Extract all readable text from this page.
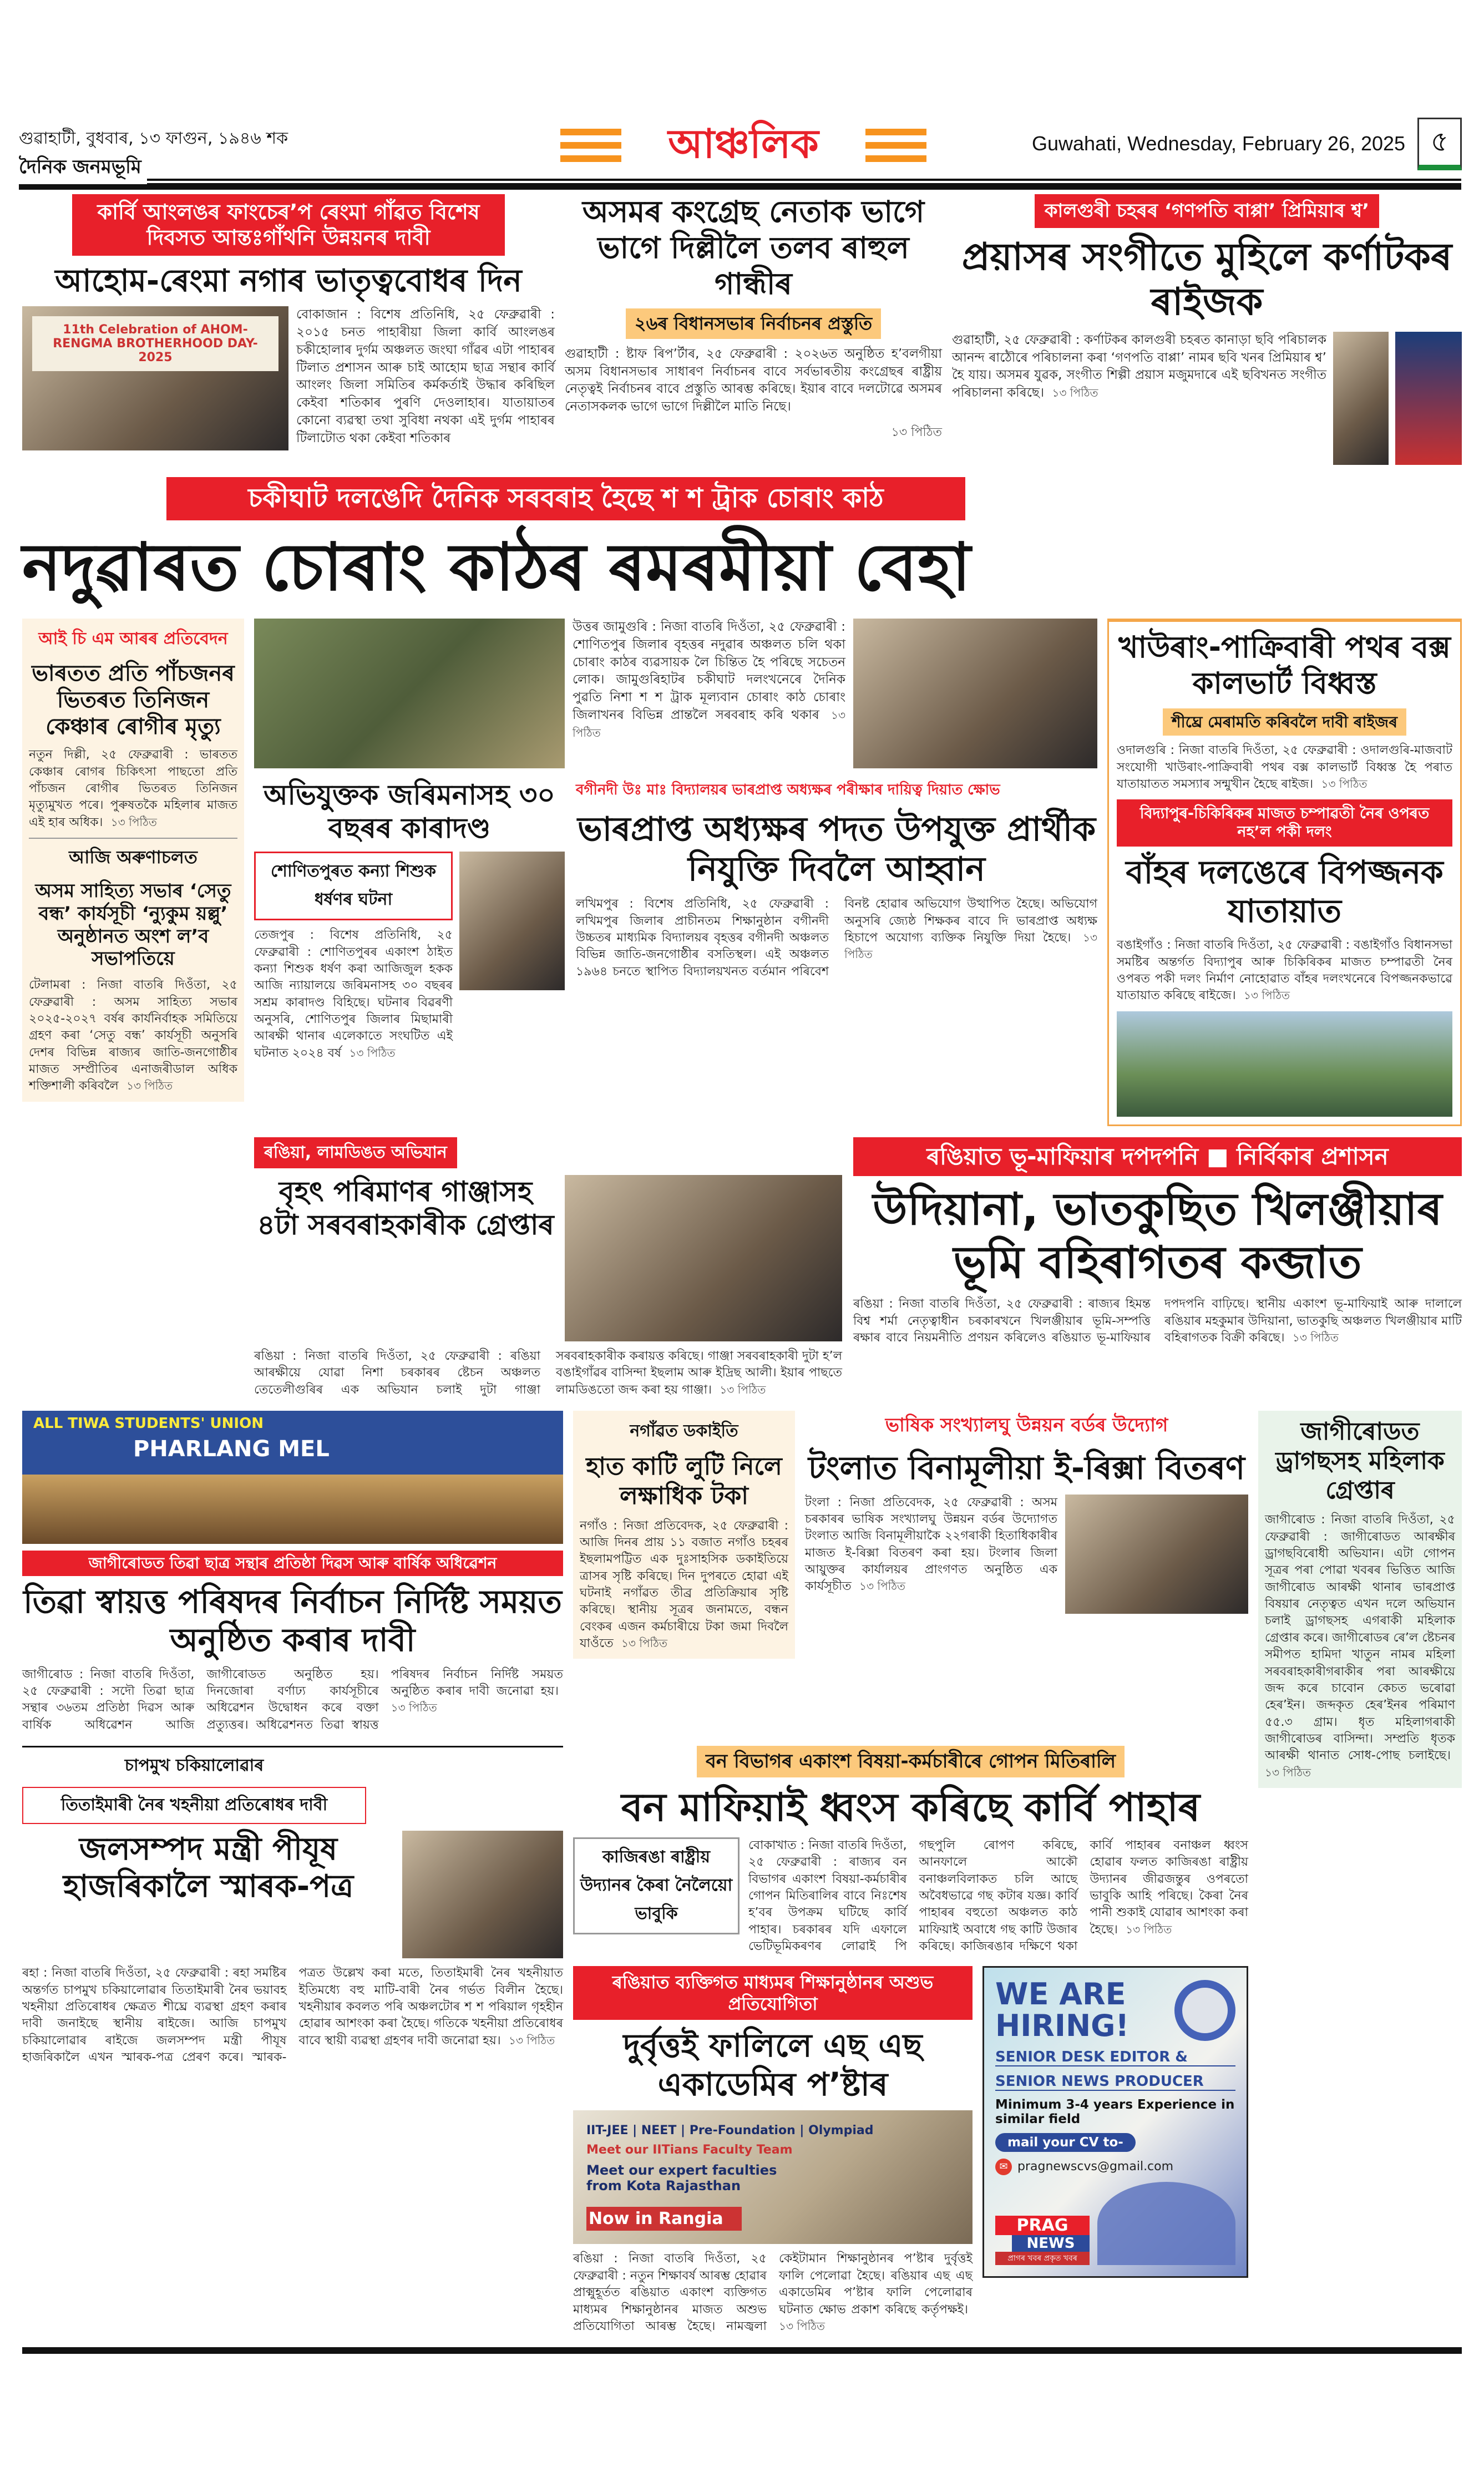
গুৱাহাটী, বুধবাৰ, ১৩ ফাগুন, ১৯৪৬ শক
দৈনিক জনমভূমি	আঞ্চলিক	Guwahati, Wednesday, February 26, 2025 ৫
কাৰ্বি আংলঙৰ ফাংচেৰʼপ ৰেংমা গাঁৱত বিশেষ দিবসত আন্তঃগাঁথনি উন্নয়নৰ দাবী
আহোম-ৰেংমা নগাৰ ভাতৃত্ববোধৰ দিন
11th Celebration of AHOM-RENGMA BROTHERHOOD DAY-2025
বোকাজান : বিশেষ প্ৰতিনিধি, ২৫ ফেব্ৰুৱাৰী : ২০১৫ চনত পাহাৰীয়া জিলা কাৰ্বি আংলঙৰ চকীহোলাৰ দুৰ্গম অঞ্চলত জংঘা গাঁৱৰ এটা পাহাৰৰ টিলাত প্ৰশাসন আৰু চাই আহোম ছাত্ৰ সন্থাৰ কাৰ্বি আংলং জিলা সমিতিৰ কৰ্মকৰ্তাই উদ্ধাৰ কৰিছিল কেইবা শতিকাৰ পুৰণি দেওলাহাৰ। যাতায়াতৰ কোনো ব্যৱস্থা তথা সুবিধা নথকা এই দুৰ্গম পাহাৰৰ টিলাটোত থকা কেইবা শতিকাৰ
অসমৰ কংগ্ৰেছ নেতাক ভাগে ভাগে দিল্লীলৈ তলব ৰাহুল গান্ধীৰ
২৬ৰ বিধানসভাৰ নিৰ্বাচনৰ প্ৰস্তুতি
গুৱাহাটী : ষ্টাফ ৰিপʼৰ্টাৰ, ২৫ ফেব্ৰুৱাৰী : ২০২৬ত অনুষ্ঠিত হʼবলগীয়া অসম বিধানসভাৰ সাধাৰণ নিৰ্বাচনৰ বাবে সৰ্বভাৰতীয় কংগ্ৰেছৰ ৰাষ্ট্ৰীয় নেতৃত্বই নিৰ্বাচনৰ বাবে প্ৰস্তুতি আৰম্ভ কৰিছে। ইয়াৰ বাবে দলটোৱে অসমৰ নেতাসকলক ভাগে ভাগে দিল্লীলৈ মাতি নিছে।
১৩ পিঠিত
কালগুৰী চহৰৰ ‘গণপতি বাপ্পা’ প্ৰিমিয়াৰ শ্ব’
প্ৰয়াসৰ সংগীতে মুহিলে কৰ্ণাটকৰ ৰাইজক
গুৱাহাটী, ২৫ ফেব্ৰুৱাৰী : কৰ্ণাটকৰ কালগুৰী চহৰত কানাড়া ছবি পৰিচালক আনন্দ ৰাঠৌৰে পৰিচালনা কৰা ‘গণপতি বাপ্পা’ নামৰ ছবি খনৰ প্ৰিমিয়াৰ শ্ব’ হৈ যায়। অসমৰ যুৱক, সংগীত শিল্পী প্ৰয়াস মজুমদাৰে এই ছবিখনত সংগীত পৰিচালনা কৰিছে। ১৩ পিঠিত
চকীঘাট দলঙেদি দৈনিক সৰবৰাহ হৈছে শ শ ট্ৰাক চোৰাং কাঠ
নদুৱাৰত চোৰাং কাঠৰ ৰমৰমীয়া বেহা
আই চি এম আৰৰ প্ৰতিবেদন
ভাৰতত প্ৰতি পাঁচজনৰ ভিতৰত তিনিজন কেঞ্চাৰ ৰোগীৰ মৃত্যু
নতুন দিল্লী, ২৫ ফেব্ৰুৱাৰী : ভাৰতত কেঞ্চাৰ ৰোগৰ চিকিৎসা পাছতো প্ৰতি পাঁচজন ৰোগীৰ ভিতৰত তিনিজন মৃত্যুমুখত পৰে। পুৰুষতকৈ মহিলাৰ মাজত এই হাৰ অধিক। ১৩ পিঠিত
আজি অৰুণাচলত
অসম সাহিত্য সভাৰ ‘সেতু বন্ধ’ কাৰ্যসূচী ‘ন্যুকুম য়ল্লু’ অনুষ্ঠানত অংশ ল’ব সভাপতিয়ে
টেলামৰা : নিজা বাতৰি দিওঁতা, ২৫ ফেব্ৰুৱাৰী : অসম সাহিত্য সভাৰ ২০২৫-২০২৭ বৰ্ষৰ কাৰ্যনিৰ্বাহক সমিতিয়ে গ্ৰহণ কৰা ‘সেতু বন্ধ’ কাৰ্যসূচী অনুসৰি দেশৰ বিভিন্ন ৰাজ্যৰ জাতি-জনগোষ্ঠীৰ মাজত সম্প্ৰীতিৰ এনাজৰীডাল অধিক শক্তিশালী কৰিবলৈ ১৩ পিঠিত
উত্তৰ জামুগুৰি : নিজা বাতৰি দিওঁতা, ২৫ ফেব্ৰুৱাৰী : শোণিতপুৰ জিলাৰ বৃহত্তৰ নদুৱাৰ অঞ্চলত চলি থকা চোৰাং কাঠৰ ব্যৱসায়ক লৈ চিন্তিত হৈ পৰিছে সচেতন লোক। জামুগুৰিহাটৰ চকীঘাট দলংখনেৰে দৈনিক পুৱতি নিশা শ শ ট্ৰাক মূল্যবান চোৰাং কাঠ চোৰাং জিলাখনৰ বিভিন্ন প্ৰান্তলৈ সৰবৰাহ কৰি থকাৰ ১৩ পিঠিত
অভিযুক্তক জৰিমনাসহ ৩০ বছৰৰ কাৰাদণ্ড
শোণিতপুৰত কন্যা শিশুক ধৰ্ষণৰ ঘটনা
তেজপুৰ : বিশেষ প্ৰতিনিধি, ২৫ ফেব্ৰুৱাৰী : শোণিতপুৰৰ একাংশ ঠাইত কন্যা শিশুক ধৰ্ষণ কৰা আজিজুল হকক আজি ন্যায়ালয়ে জৰিমনাসহ ৩০ বছৰৰ সশ্ৰম কাৰাদণ্ড বিহিছে। ঘটনাৰ বিৱৰণী অনুসৰি, শোণিতপুৰ জিলাৰ মিছামাৰী আৰক্ষী থানাৰ এলেকাতে সংঘটিত এই ঘটনাত ২০২৪ বৰ্ষ ১৩ পিঠিত
বগীনদী উঃ মাঃ বিদ্যালয়ৰ ভাৰপ্ৰাপ্ত অধ্যক্ষৰ পৰীক্ষাৰ দায়িত্ব দিয়াত ক্ষোভ
ভাৰপ্ৰাপ্ত অধ্যক্ষৰ পদত উপযুক্ত প্ৰাৰ্থীক নিযুক্তি দিবলৈ আহ্বান
লখিমপুৰ : বিশেষ প্ৰতিনিধি, ২৫ ফেব্ৰুৱাৰী : লখিমপুৰ জিলাৰ প্ৰাচীনতম শিক্ষানুষ্ঠান বগীনদী উচ্চতৰ মাধ্যমিক বিদ্যালয়ৰ বৃহত্তৰ বগীনদী অঞ্চলত বিভিন্ন জাতি-জনগোষ্ঠীৰ বসতিস্থল। এই অঞ্চলত ১৯৬৪ চনতে স্থাপিত বিদ্যালয়খনত বৰ্তমান পৰিবেশ বিনষ্ট হোৱাৰ অভিযোগ উত্থাপিত হৈছে। অভিযোগ অনুসৰি জ্যেষ্ঠ শিক্ষকৰ বাবে দি ভাৰপ্ৰাপ্ত অধ্যক্ষ হিচাপে অযোগ্য ব্যক্তিক নিযুক্তি দিয়া হৈছে। ১৩ পিঠিত
খাউৰাং-পাক্ৰিবাৰী পথৰ বক্স কালভাৰ্ট বিধ্বস্ত
শীঘ্ৰে মেৰামতি কৰিবলৈ দাবী ৰাইজৰ
ওদালগুৰি : নিজা বাতৰি দিওঁতা, ২৫ ফেব্ৰুৱাৰী : ওদালগুৰি-মাজবাট সংযোগী খাউৰাং-পাক্ৰিবাৰী পথৰ বক্স কালভাৰ্ট বিধ্বস্ত হৈ পৰাত যাতায়াতত সমস্যাৰ সন্মুখীন হৈছে ৰাইজ। ১৩ পিঠিত
বিদ্যাপুৰ-চিকিৰিকৰ মাজত চম্পাৱতী নৈৰ ওপৰত নহʼল পকী দলং
বাঁহৰ দলঙেৰে বিপজ্জনক যাতায়াত
বঙাইগাঁও : নিজা বাতৰি দিওঁতা, ২৫ ফেব্ৰুৱাৰী : বঙাইগাঁও বিধানসভা সমষ্টিৰ অন্তৰ্গত বিদ্যাপুৰ আৰু চিকিৰিকৰ মাজত চম্পাৱতী নৈৰ ওপৰত পকী দলং নিৰ্মাণ নোহোৱাত বাঁহৰ দলংখনেৰে বিপজ্জনকভাৱে যাতায়াত কৰিছে ৰাইজে। ১৩ পিঠিত
ৰঙিয়া, লামডিঙত অভিযান
বৃহৎ পৰিমাণৰ গাঞ্জাসহ ৪টা সৰবৰাহকাৰীক গ্ৰেপ্তাৰ
ৰঙিয়া : নিজা বাতৰি দিওঁতা, ২৫ ফেব্ৰুৱাৰী : ৰঙিয়া আৰক্ষীয়ে যোৱা নিশা চৰকাৰৰ ষ্টেচন অঞ্চলত তেতেলীগুৰিৰ এক অভিযান চলাই দুটা গাঞ্জা সৰবৰাহকাৰীক কৰায়ত্ত কৰিছে। গাঞ্জা সৰবৰাহকাৰী দুটা হʼল বঙাইগাঁৱৰ বাসিন্দা ইছলাম আৰু ইদ্ৰিছ আলী। ইয়াৰ পাছতে লামডিঙতো জব্দ কৰা হয় গাঞ্জা। ১৩ পিঠিত
ৰঙিয়াত ভূ-মাফিয়াৰ দপদপনি ■ নিৰ্বিকাৰ প্ৰশাসন
উদিয়ানা, ভাতকুছিত খিলঞ্জীয়াৰ ভূমি বহিৰাগতৰ কব্জাত
ৰঙিয়া : নিজা বাতৰি দিওঁতা, ২৫ ফেব্ৰুৱাৰী : ৰাজ্যৰ হিমন্ত বিশ্ব শৰ্মা নেতৃত্বাধীন চৰকাৰখনে খিলঞ্জীয়াৰ ভূমি-সম্পত্তি ৰক্ষাৰ বাবে নিয়মনীতি প্ৰণয়ন কৰিলেও ৰঙিয়াত ভূ-মাফিয়াৰ দপদপনি বাঢ়িছে। স্থানীয় একাংশ ভূ-মাফিয়াই আৰু দালালে ৰঙিয়াৰ মহকুমাৰ উদিয়ানা, ভাতকুছি অঞ্চলত খিলঞ্জীয়াৰ মাটি বহিৰাগতক বিক্ৰী কৰিছে। ১৩ পিঠিত
ALL TIWA STUDENTS' UNION
PHARLANG MEL
জাগীৰোডত তিৱা ছাত্ৰ সন্থাৰ প্ৰতিষ্ঠা দিৱস আৰু বাৰ্ষিক অধিৱেশন
তিৱা স্বায়ত্ত পৰিষদৰ নিৰ্বাচন নিৰ্দিষ্ট সময়ত অনুষ্ঠিত কৰাৰ দাবী
জাগীৰোড : নিজা বাতৰি দিওঁতা, ২৫ ফেব্ৰুৱাৰী : সদৌ তিৱা ছাত্ৰ সন্থাৰ ৩৬তম প্ৰতিষ্ঠা দিৱস আৰু বাৰ্ষিক অধিৱেশন আজি জাগীৰোডত অনুষ্ঠিত হয়। দিনজোৰা বৰ্ণাঢ্য কাৰ্যসূচীৰে অধিৱেশন উদ্বোধন কৰে বক্তা প্ৰত্যুত্তৰ। অধিৱেশনত তিৱা স্বায়ত্ত পৰিষদৰ নিৰ্বাচন নিৰ্দিষ্ট সময়ত অনুষ্ঠিত কৰাৰ দাবী জনোৱা হয়। ১৩ পিঠিত
নগাঁৱত ডকাইতি
হাত কাটি লুটি নিলে লক্ষাধিক টকা
নগাঁও : নিজা প্ৰতিবেদক, ২৫ ফেব্ৰুৱাৰী : আজি দিনৰ প্ৰায় ১১ বজাত নগাঁও চহৰৰ ইছলামপট্টিত এক দুঃসাহসিক ডকাইতিয়ে ত্ৰাসৰ সৃষ্টি কৰিছে। দিন দুপৰতে হোৱা এই ঘটনাই নগাঁৱত তীব্ৰ প্ৰতিক্ৰিয়াৰ সৃষ্টি কৰিছে। স্থানীয় সূত্ৰৰ জনামতে, বন্ধন বেংকৰ এজন কৰ্মচাৰীয়ে টকা জমা দিবলৈ যাওঁতে ১৩ পিঠিত
ভাষিক সংখ্যালঘু উন্নয়ন বৰ্ডৰ উদ্যোগ
টংলাত বিনামূলীয়া ই-ৰিক্সা বিতৰণ
টংলা : নিজা প্ৰতিবেদক, ২৫ ফেব্ৰুৱাৰী : অসম চৰকাৰৰ ভাষিক সংখ্যালঘু উন্নয়ন বৰ্ডৰ উদ্যোগত টংলাত আজি বিনামূলীয়াকৈ ২২গৰাকী হিতাধিকাৰীৰ মাজত ই-ৰিক্সা বিতৰণ কৰা হয়। টংলাৰ জিলা আয়ুক্তৰ কাৰ্যালয়ৰ প্ৰাংগণত অনুষ্ঠিত এক কাৰ্যসূচীত ১৩ পিঠিত
চাপমুখ চকিয়ালোৱাৰ
তিতাইমাৰী নৈৰ খহনীয়া প্ৰতিৰোধৰ দাবী
জলসম্পদ মন্ত্ৰী পীযূষ হাজৰিকালৈ স্মাৰক-পত্ৰ
ৰহা : নিজা বাতৰি দিওঁতা, ২৫ ফেব্ৰুৱাৰী : ৰহা সমষ্টিৰ অন্তৰ্গত চাপমুখ চকিয়ালোৱাৰ তিতাইমাৰী নৈৰ ভয়াবহ খহনীয়া প্ৰতিৰোধৰ ক্ষেত্ৰত শীঘ্ৰে ব্যৱস্থা গ্ৰহণ কৰাৰ দাবী জনাইছে স্থানীয় ৰাইজে। আজি চাপমুখ চকিয়ালোৱাৰ ৰাইজে জলসম্পদ মন্ত্ৰী পীযূষ হাজৰিকালৈ এখন স্মাৰক-পত্ৰ প্ৰেৰণ কৰে। স্মাৰক-পত্ৰত উল্লেখ কৰা মতে, তিতাইমাৰী নৈৰ খহনীয়াত ইতিমধ্যে বহু মাটি-বাৰী নৈৰ গৰ্ভত বিলীন হৈছে। খহনীয়াৰ কবলত পৰি অঞ্চলটোৰ শ শ পৰিয়াল গৃহহীন হোৱাৰ আশংকা কৰা হৈছে। গতিকে খহনীয়া প্ৰতিৰোধৰ বাবে স্থায়ী ব্যৱস্থা গ্ৰহণৰ দাবী জনোৱা হয়। ১৩ পিঠিত
বন বিভাগৰ একাংশ বিষয়া-কৰ্মচাৰীৰে গোপন মিতিৰালি
বন মাফিয়াই ধ্বংস কৰিছে কাৰ্বি পাহাৰ
কাজিৰঙা ৰাষ্ট্ৰীয় উদ্যানৰ কৈৰা নৈলৈয়ো ভাবুকি
বোকাখাত : নিজা বাতৰি দিওঁতা, ২৫ ফেব্ৰুৱাৰী : ৰাজ্যৰ বন বিভাগৰ একাংশ বিষয়া-কৰ্মচাৰীৰ গোপন মিতিৰালিৰ বাবে নিঃশেষ হʼবৰ উপক্ৰম ঘটিছে কাৰ্বি পাহাৰ। চৰকাৰৰ যদি এফালে ভেটিভূমিকৰণৰ লোৱাই পি গছপুলি ৰোপণ কৰিছে, আনফালে আকৌ বনাঞ্চলবিলাকত চলি আছে অবৈধভাৱে গছ কটাৰ যজ্ঞ। কাৰ্বি পাহাৰৰ বহুতো অঞ্চলত কাঠ মাফিয়াই অবাধে গছ কাটি উজাৰ কৰিছে। কাজিৰঙাৰ দক্ষিণে থকা কাৰ্বি পাহাৰৰ বনাঞ্চল ধ্বংস হোৱাৰ ফলত কাজিৰঙা ৰাষ্ট্ৰীয় উদ্যানৰ জীৱজন্তুৰ ওপৰতো ভাবুকি আহি পৰিছে। কৈৰা নৈৰ পানী শুকাই যোৱাৰ আশংকা কৰা হৈছে। ১৩ পিঠিত
ৰঙিয়াত ব্যক্তিগত মাধ্যমৰ শিক্ষানুষ্ঠানৰ অশুভ প্ৰতিযোগিতা
দুৰ্বৃত্তই ফালিলে এছ এছ একাডেমিৰ পʼষ্টাৰ
IIT-JEE | NEET | Pre-Foundation | Olympiad
Meet our IITians Faculty Team
Meet our expert faculties from Kota Rajasthan
Now in Rangia
ৰঙিয়া : নিজা বাতৰি দিওঁতা, ২৫ ফেব্ৰুৱাৰী : নতুন শিক্ষাবৰ্ষ আৰম্ভ হোৱাৰ প্ৰাক্মুহূৰ্তত ৰঙিয়াত একাংশ ব্যক্তিগত মাধ্যমৰ শিক্ষানুষ্ঠানৰ মাজত অশুভ প্ৰতিযোগিতা আৰম্ভ হৈছে। নামজ্বলা কেইটামান শিক্ষানুষ্ঠানৰ পʼষ্টাৰ দুৰ্বৃত্তই ফালি পেলোৱা হৈছে। ৰঙিয়াৰ এছ এছ একাডেমিৰ পʼষ্টাৰ ফালি পেলোৱাৰ ঘটনাত ক্ষোভ প্ৰকাশ কৰিছে কৰ্তৃপক্ষই। ১৩ পিঠিত
WE ARE HIRING!
SENIOR DESK EDITOR &
SENIOR NEWS PRODUCER
Minimum 3-4 years Experience in similar field
mail your CV to-
✉ pragnewscvs@gmail.com
PRAG
NEWS
প্ৰাগৰ খবৰ প্ৰকৃত খবৰ
জাগীৰোডত ড্ৰাগছসহ মহিলাক গ্ৰেপ্তাৰ
জাগীৰোড : নিজা বাতৰি দিওঁতা, ২৫ ফেব্ৰুৱাৰী : জাগীৰোডত আৰক্ষীৰ ড্ৰাগছবিৰোধী অভিযান। এটা গোপন সূত্ৰৰ পৰা পোৱা খবৰৰ ভিত্তিত আজি জাগীৰোড আৰক্ষী থানাৰ ভাৰপ্ৰাপ্ত বিষয়াৰ নেতৃত্বত এখন দলে অভিযান চলাই ড্ৰাগছসহ এগৰাকী মহিলাক গ্ৰেপ্তাৰ কৰে। জাগীৰোডৰ ৰেʼল ষ্টেচনৰ সমীপত হামিদা খাতুন নামৰ মহিলা সৰবৰাহকাৰীগৰাকীৰ পৰা আৰক্ষীয়ে জব্দ কৰে চাবোন কেচত ভৰোৱা হেৰʼইন। জব্দকৃত হেৰʼইনৰ পৰিমাণ ৫৫.৩ গ্ৰাম। ধৃত মহিলাগৰাকী জাগীৰোডৰ বাসিন্দা। সম্প্ৰতি ধৃতক আৰক্ষী থানাত সোধ-পোছ চলাইছে। ১৩ পিঠিত
